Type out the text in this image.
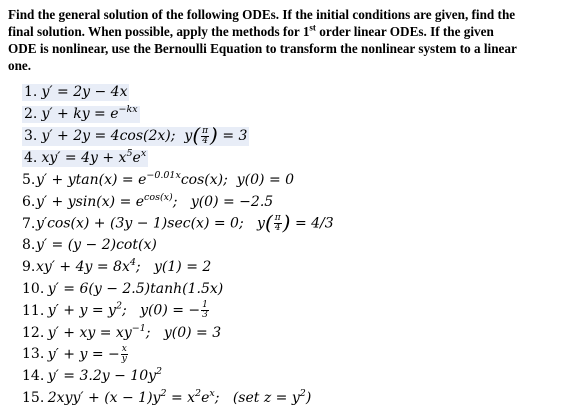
Find the general solution of the following ODEs. If the initial conditions are given, find the
final solution. When possible, apply the methods for 1st order linear ODEs. If the given
ODE is nonlinear, use the Bernoulli Equation to transform the nonlinear system to a linear
one.
1. y′ = 2y − 4x
2. y′ + ky = $e^{-kx}$
3. y′ + 2y = 4cos(2x); $y( \frac{\pi}{4}$ ) = 3
4. $xy' = 4y + x^5e^x$
5. $y' + ytan(x) = e^{-0.01x}\cos(x)$; y(0) = 0
6. $y' + ysin(x) = e^{cos(x)}$; y(0) = −2.5
7. y′cos(x) + (3y − 1)sec(x) = 0; $y( \frac{\pi}{4}$ ) = 4/3
8. y′ = (y − 2)cot(x)
9. $xy' + 4y = 8x^4$; y(1) = 2
10.
y′ = 6(y − 2.5)tanh(1.5x)
11.
$y' + y = y^2$; y(0) = − $\frac{1}{3}$
12.
y′ + xy = $xy^{-1}$; y(0) = 3
13.
y′ + y = − $\frac{x}{y}$
14.
$y' = 3.2y - 10y^2$
15.
$2xyy' + (x - 1)y^2 = x^2e^x$; (set $z = y^2$)
